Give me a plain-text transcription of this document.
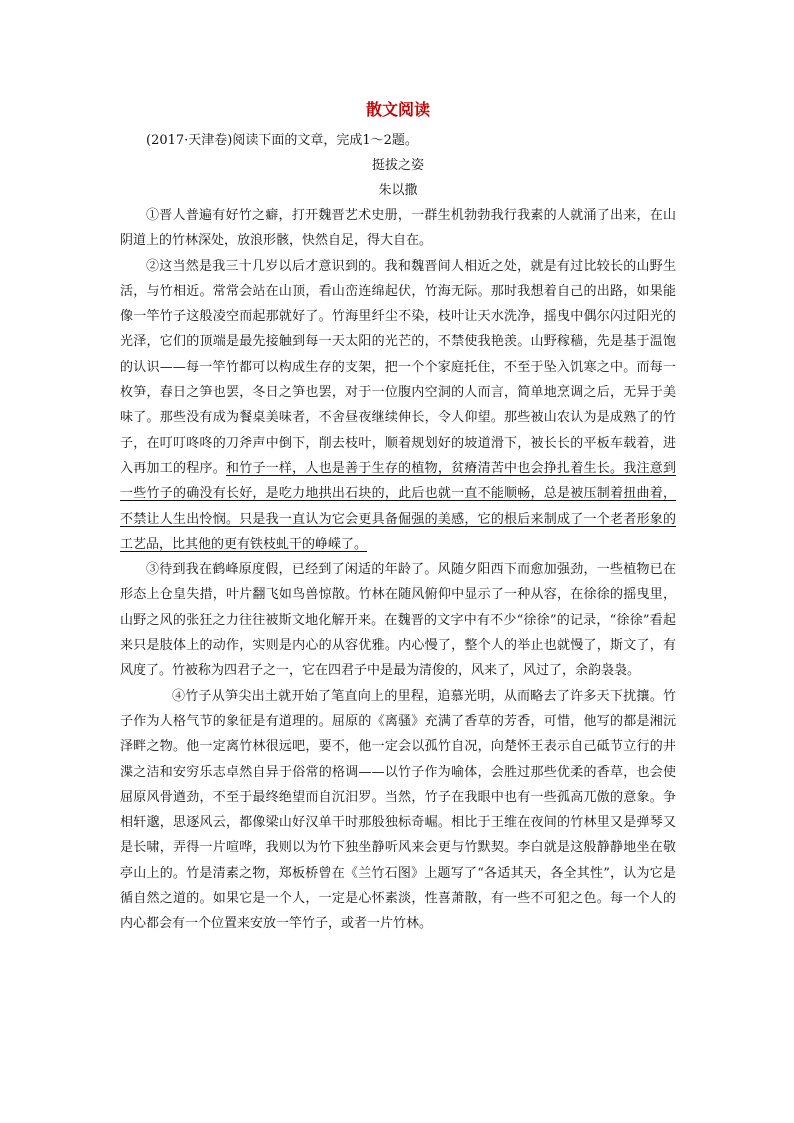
散文阅读
(2017·天津卷)阅读下面的文章，完成1～2题。
挺拔之姿
朱以撒

①晋人普遍有好竹之癖，打开魏晋艺术史册，一群生机勃勃我行我素的人就涌了出来，在山阴道上的竹林深处，放浪形骸，快然自足，得大自在。

②这当然是我三十几岁以后才意识到的。我和魏晋间人相近之处，就是有过比较长的山野生活，与竹相近。常常会站在山顶，看山峦连绵起伏，竹海无际。那时我想着自己的出路，如果能像一竿竹子这般凌空而起那就好了。竹海里纤尘不染，枝叶让天水洗净，摇曳中偶尔闪过阳光的光泽，它们的顶端是最先接触到每一天太阳的光芒的，不禁使我艳羡。山野稼穑，先是基于温饱的认识——每一竿竹都可以构成生存的支架，把一个个家庭托住，不至于坠入饥寒之中。而每一枚笋，春日之笋也罢，冬日之笋也罢，对于一位腹内空洞的人而言，简单地烹调之后，无异于美味了。那些没有成为餐桌美味者，不舍昼夜继续伸长，令人仰望。那些被山农认为是成熟了的竹子，在叮叮咚咚的刀斧声中倒下，削去枝叶，顺着规划好的坡道滑下，被长长的平板车载着，进入再加工的程序。和竹子一样，人也是善于生存的植物，贫瘠清苦中也会挣扎着生长。我注意到一些竹子的确没有长好，是吃力地拱出石块的，此后也就一直不能顺畅，总是被压制着扭曲着，不禁让人生出怜悯。只是我一直认为它会更具备倔强的美感，它的根后来制成了一个老者形象的工艺品，比其他的更有铁枝虬干的峥嵘了。

③待到我在鹤峰原度假，已经到了闲适的年龄了。风随夕阳西下而愈加强劲，一些植物已在形态上仓皇失措，叶片翻飞如鸟兽惊散。竹林在随风俯仰中显示了一种从容，在徐徐的摇曳里，山野之风的张狂之力往往被斯文地化解开来。在魏晋的文字中有不少“徐徐”的记录，“徐徐”看起来只是肢体上的动作，实则是内心的从容优雅。内心慢了，整个人的举止也就慢了，斯文了，有风度了。竹被称为四君子之一，它在四君子中是最为清俊的，风来了，风过了，余韵袅袅。

④竹子从笋尖出土就开始了笔直向上的里程，追慕光明，从而略去了许多天下扰攘。竹子作为人格气节的象征是有道理的。屈原的《离骚》充满了香草的芳香，可惜，他写的都是湘沅泽畔之物。他一定离竹林很远吧，要不，他一定会以孤竹自况，向楚怀王表示自己砥节立行的井渫之洁和安穷乐志卓然自异于俗常的格调——以竹子作为喻体，会胜过那些优柔的香草，也会使屈原风骨遒劲，不至于最终绝望而自沉汨罗。当然，竹子在我眼中也有一些孤高兀傲的意象。争相轩邈，思逐风云，都像梁山好汉单干时那般独标奇崛。相比于王维在夜间的竹林里又是弹琴又是长啸，弄得一片喧哗，我则以为竹下独坐静听风来会更与竹默契。李白就是这般静静地坐在敬亭山上的。竹是清素之物，郑板桥曾在《兰竹石图》上题写了“各适其天，各全其性”，认为它是循自然之道的。如果它是一个人，一定是心怀素淡，性喜萧散，有一些不可犯之色。每一个人的内心都会有一个位置来安放一竿竹子，或者一片竹林。
